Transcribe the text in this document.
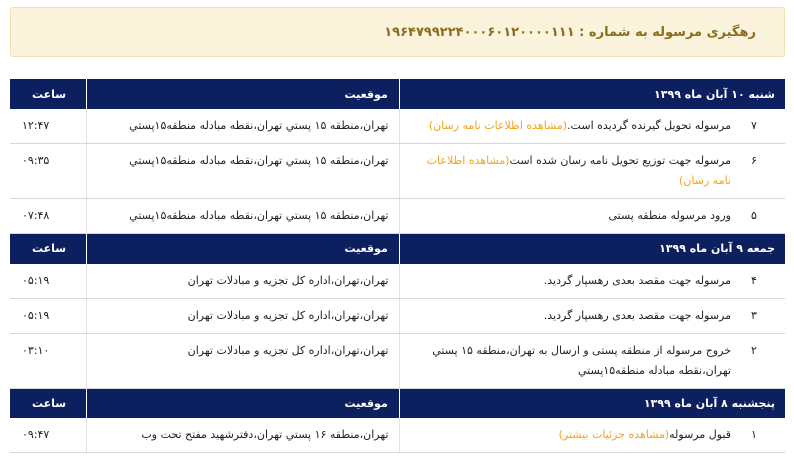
رهگیری مرسوله به شماره : ۱۹۶۴۷۹۹۲۲۴۰۰۰۶۰۱۲۰۰۰۰۱۱۱
شنبه ۱۰ آبان ماه ۱۳۹۹	موقعیت	ساعت

۷
مرسوله تحویل گیرنده گردیده است.(مشاهده اطلاعات نامه رسان)	تهران،منطقه ۱۵ پستي تهران،نقطه مبادله منطقه۱۵پستي	۱۲:۴۷

۶
مرسوله جهت توزیع تحویل نامه رسان شده است(مشاهده اطلاعات نامه رسان)	تهران،منطقه ۱۵ پستي تهران،نقطه مبادله منطقه۱۵پستي	۰۹:۳۵

۵
ورود مرسوله منطقه پستی	تهران،منطقه ۱۵ پستي تهران،نقطه مبادله منطقه۱۵پستي	۰۷:۴۸
جمعه ۹ آبان ماه ۱۳۹۹	موقعیت	ساعت

۴
مرسوله جهت مقصد بعدی رهسپار گردید.	تهران،تهران،اداره کل تجزیه و مبادلات تهران	۰۵:۱۹

۳
مرسوله جهت مقصد بعدی رهسپار گردید.	تهران،تهران،اداره کل تجزیه و مبادلات تهران	۰۵:۱۹

۲
خروج مرسوله از منطقه پستی و ارسال به تهران،منطقه ۱۵ پستي تهران،نقطه مبادله منطقه۱۵پستي	تهران،تهران،اداره کل تجزیه و مبادلات تهران	۰۳:۱۰
پنجشنبه ۸ آبان ماه ۱۳۹۹	موقعیت	ساعت

۱
قبول مرسوله(مشاهده جزئیات بیشتر)	تهران،منطقه ۱۶ پستي تهران،دفترشهید مفتح تحت وب	۰۹:۴۷
